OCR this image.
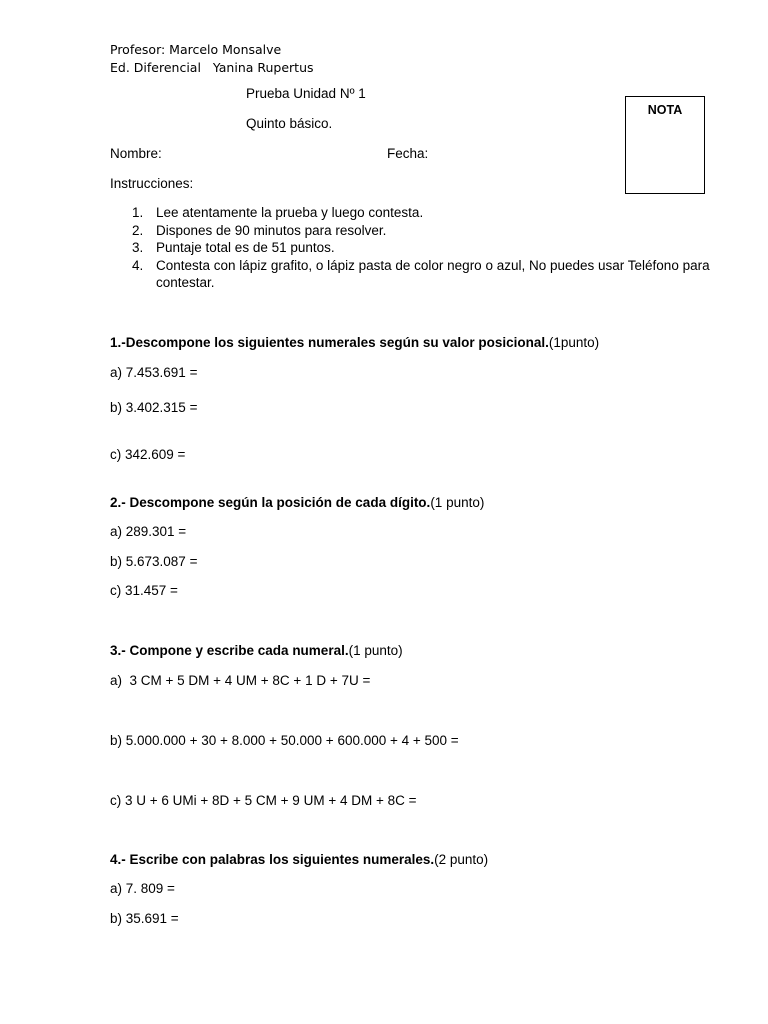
Profesor: Marcelo Monsalve
Ed. Diferencial   Yanina Rupertus
Prueba Unidad Nº 1
Quinto básico.
Nombre:	Fecha:
NOTA
Instrucciones:
1. Lee atentamente la prueba y luego contesta.
2. Dispones de 90 minutos para resolver.
3. Puntaje total es de 51 puntos.
4. Contesta con lápiz grafito, o lápiz pasta de color negro o azul, No puedes usar Teléfono para contestar.
1.-Descompone los siguientes numerales según su valor posicional.(1punto)
a) 7.453.691 =
b) 3.402.315 =
c) 342.609 =
2.- Descompone según la posición de cada dígito.(1 punto)
a) 289.301 =
b) 5.673.087 =
c) 31.457 =
3.- Compone y escribe cada numeral.(1 punto)
a)  3 CM + 5 DM + 4 UM + 8C + 1 D + 7U =
b) 5.000.000 + 30 + 8.000 + 50.000 + 600.000 + 4 + 500 =
c) 3 U + 6 UMi + 8D + 5 CM + 9 UM + 4 DM + 8C =
4.- Escribe con palabras los siguientes numerales.(2 punto)
a) 7. 809 =
b) 35.691 =
